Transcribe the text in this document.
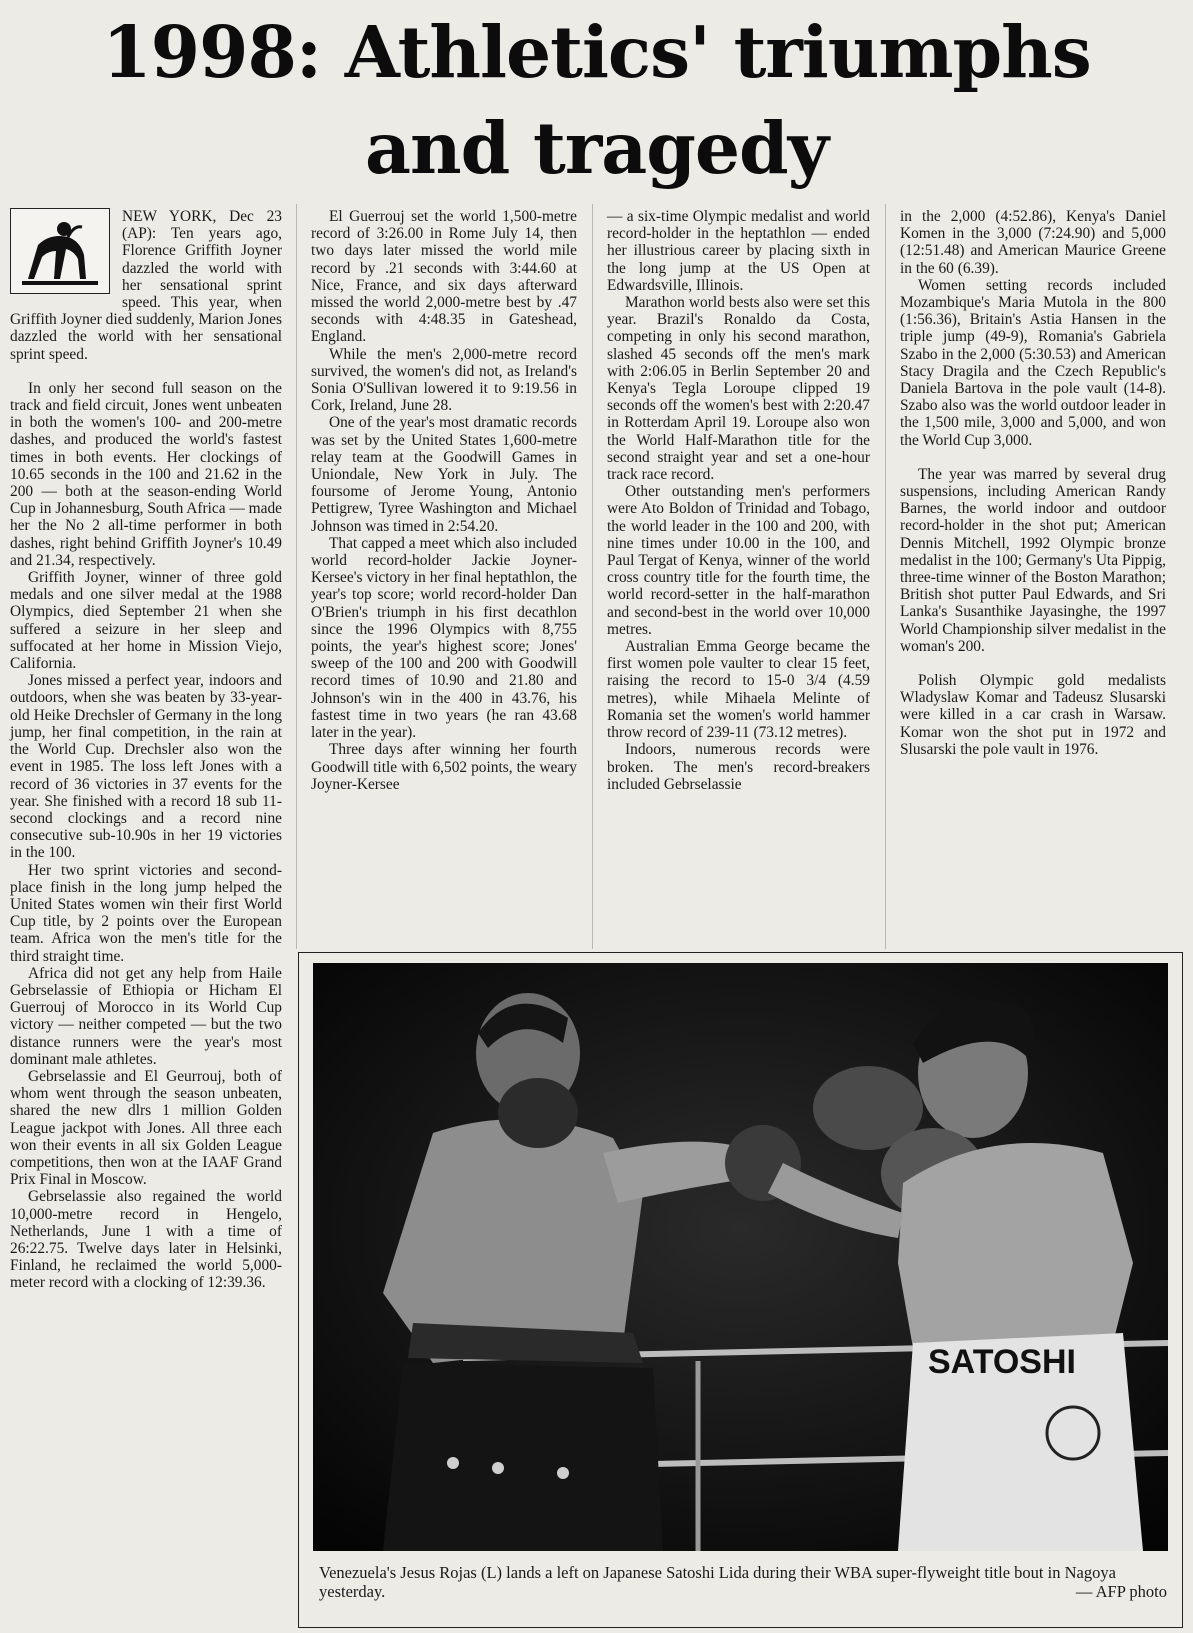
1998: Athletics' triumphs
and tragedy

NEW YORK, Dec 23 (AP): Ten years ago, Florence Griffith Joyner dazzled the world with her sensational sprint speed. This year, when Griffith Joyner died suddenly, Marion Jones dazzled the world with her sensational sprint speed.

In only her second full season on the track and field circuit, Jones went unbeaten in both the women's 100- and 200-metre dashes, and produced the world's fastest times in both events. Her clockings of 10.65 seconds in the 100 and 21.62 in the 200 — both at the season-ending World Cup in Johannesburg, South Africa — made her the No 2 all-time performer in both dashes, right behind Griffith Joyner's 10.49 and 21.34, respectively.

Griffith Joyner, winner of three gold medals and one silver medal at the 1988 Olympics, died September 21 when she suffered a seizure in her sleep and suffocated at her home in Mission Viejo, California.

Jones missed a perfect year, indoors and outdoors, when she was beaten by 33-year-old Heike Drechsler of Germany in the long jump, her final competition, in the rain at the World Cup. Drechsler also won the event in 1985. The loss left Jones with a record of 36 victories in 37 events for the year. She finished with a record 18 sub 11-second clockings and a record nine consecutive sub-10.90s in her 19 victories in the 100.

Her two sprint victories and second-place finish in the long jump helped the United States women win their first World Cup title, by 2 points over the European team. Africa won the men's title for the third straight time.

Africa did not get any help from Haile Gebrselassie of Ethiopia or Hicham El Guerrouj of Morocco in its World Cup victory — neither competed — but the two distance runners were the year's most dominant male athletes.

Gebrselassie and El Geurrouj, both of whom went through the season unbeaten, shared the new dlrs 1 million Golden League jackpot with Jones. All three each won their events in all six Golden League competitions, then won at the IAAF Grand Prix Final in Moscow.

Gebrselassie also regained the world 10,000-metre record in Hengelo, Netherlands, June 1 with a time of 26:22.75. Twelve days later in Helsinki, Finland, he reclaimed the world 5,000-meter record with a clocking of 12:39.36.

El Guerrouj set the world 1,500-metre record of 3:26.00 in Rome July 14, then two days later missed the world mile record by .21 seconds with 3:44.60 at Nice, France, and six days afterward missed the world 2,000-metre best by .47 seconds with 4:48.35 in Gateshead, England.

While the men's 2,000-metre record survived, the women's did not, as Ireland's Sonia O'Sullivan lowered it to 9:19.56 in Cork, Ireland, June 28.

One of the year's most dramatic records was set by the United States 1,600-metre relay team at the Goodwill Games in Uniondale, New York in July. The foursome of Jerome Young, Antonio Pettigrew, Tyree Washington and Michael Johnson was timed in 2:54.20.

That capped a meet which also included world record-holder Jackie Joyner-Kersee's victory in her final heptathlon, the year's top score; world record-holder Dan O'Brien's triumph in his first decathlon since the 1996 Olympics with 8,755 points, the year's highest score; Jones' sweep of the 100 and 200 with Goodwill record times of 10.90 and 21.80 and Johnson's win in the 400 in 43.76, his fastest time in two years (he ran 43.68 later in the year).

Three days after winning her fourth Goodwill title with 6,502 points, the weary Joyner-Kersee

— a six-time Olympic medalist and world record-holder in the heptathlon — ended her illustrious career by placing sixth in the long jump at the US Open at Edwardsville, Illinois.

Marathon world bests also were set this year. Brazil's Ronaldo da Costa, competing in only his second marathon, slashed 45 seconds off the men's mark with 2:06.05 in Berlin September 20 and Kenya's Tegla Loroupe clipped 19 seconds off the women's best with 2:20.47 in Rotterdam April 19. Loroupe also won the World Half-Marathon title for the second straight year and set a one-hour track race record.

Other outstanding men's performers were Ato Boldon of Trinidad and Tobago, the world leader in the 100 and 200, with nine times under 10.00 in the 100, and Paul Tergat of Kenya, winner of the world cross country title for the fourth time, the world record-setter in the half-marathon and second-best in the world over 10,000 metres.

Australian Emma George became the first women pole vaulter to clear 15 feet, raising the record to 15-0 3/4 (4.59 metres), while Mihaela Melinte of Romania set the women's world hammer throw record of 239-11 (73.12 metres).

Indoors, numerous records were broken. The men's record-breakers included Gebrselassie

in the 2,000 (4:52.86), Kenya's Daniel Komen in the 3,000 (7:24.90) and 5,000 (12:51.48) and American Maurice Greene in the 60 (6.39).

Women setting records included Mozambique's Maria Mutola in the 800 (1:56.36), Britain's Astia Hansen in the triple jump (49-9), Romania's Gabriela Szabo in the 2,000 (5:30.53) and American Stacy Dragila and the Czech Republic's Daniela Bartova in the pole vault (14-8). Szabo also was the world outdoor leader in the 1,500 mile, 3,000 and 5,000, and won the World Cup 3,000.

The year was marred by several drug suspensions, including American Randy Barnes, the world indoor and outdoor record-holder in the shot put; American Dennis Mitchell, 1992 Olympic bronze medalist in the 100; Germany's Uta Pippig, three-time winner of the Boston Marathon; British shot putter Paul Edwards, and Sri Lanka's Susanthike Jayasinghe, the 1997 World Championship silver medalist in the woman's 200.

Polish Olympic gold medalists Wladyslaw Komar and Tadeusz Slusarski were killed in a car crash in Warsaw. Komar won the shot put in 1972 and Slusarski the pole vault in 1976.

SATOSHI
Venezuela's Jesus Rojas (L) lands a left on Japanese Satoshi Lida during their WBA super-flyweight title bout in Nagoya yesterday.	— AFP photo
